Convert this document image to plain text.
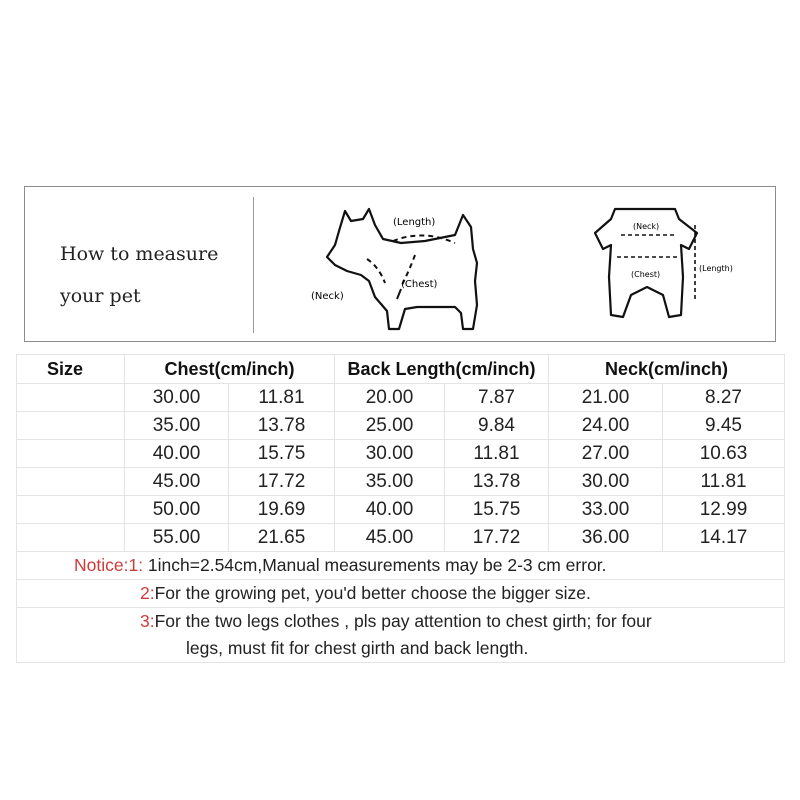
How to measure
your pet
(Length)
(Chest)
(Neck)
(Neck)
(Chest)
(Length)
Size	Chest(cm/inch)		Back Length(cm/inch)		Neck(cm/inch)	
	30.00	11.81	20.00	7.87	21.00	8.27
	35.00	13.78	25.00	9.84	24.00	9.45
	40.00	15.75	30.00	11.81	27.00	10.63
	45.00	17.72	35.00	13.78	30.00	11.81
	50.00	19.69	40.00	15.75	33.00	12.99
	55.00	21.65	45.00	17.72	36.00	14.17
Notice:1: 1inch=2.54cm,Manual measurements may be 2-3 cm error.						
2:For the growing pet, you'd better choose the bigger size.						
3:For the two legs clothes , pls pay attention to chest girth; for four						
legs, must fit for chest girth and back length.						
